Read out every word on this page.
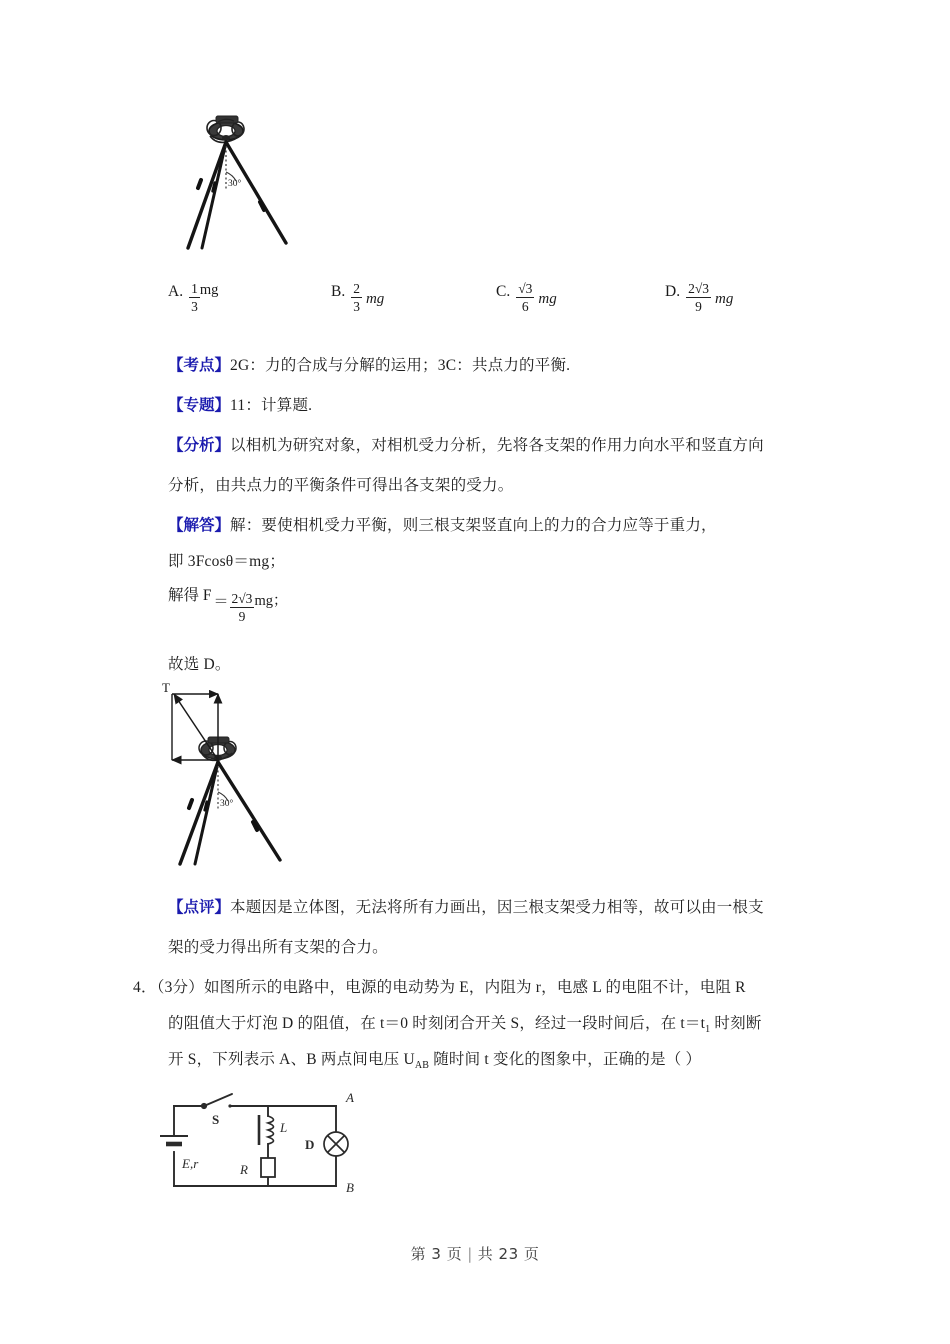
30°
A. $\frac{1}{3}$ mg	B. $\frac{2}{3}$ mg	C. $\frac{√3}{6}$ mg	D. $\frac{2√3}{9}$ mg
【考点】2G：力的合成与分解的运用；3C：共点力的平衡.
【专题】11：计算题.
【分析】以相机为研究对象，对相机受力分析，先将各支架的作用力向水平和竖直方向
分析，由共点力的平衡条件可得出各支架的受力。
【解答】解：要使相机受力平衡，则三根支架竖直向上的力的合力应等于重力，
即 3Fcosθ＝mg；
解得 $F = \frac{2√3}{9}$ mg；
故选 D。
T
30°
【点评】本题因是立体图，无法将所有力画出，因三根支架受力相等，故可以由一根支
架的受力得出所有支架的合力。
4．（3分）如图所示的电路中，电源的电动势为 E，内阻为 r，电感 L 的电阻不计，电阻 R
的阻值大于灯泡 D 的阻值，在 t＝0 时刻闭合开关 S，经过一段时间后，在 $t=t_1$ 时刻断
开 S，下列表示 A、B 两点间电压 $U_{AB}$ 随时间 t 变化的图象中，正确的是（ ）
S
E,r
L
R
D
A
B
第 3 页 | 共 23 页
